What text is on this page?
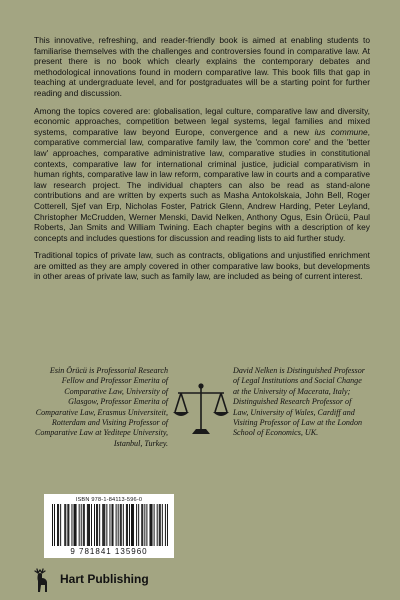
This innovative, refreshing, and reader-friendly book is aimed at enabling students to familiarise themselves with the challenges and controversies found in comparative law. At present there is no book which clearly explains the contemporary debates and methodological innovations found in modern comparative law. This book fills that gap in teaching at undergraduate level, and for postgraduates will be a starting point for further reading and discussion.

Among the topics covered are: globalisation, legal culture, comparative law and diversity, economic approaches, competition between legal systems, legal families and mixed systems, comparative law beyond Europe, convergence and a new ius commune, comparative commercial law, comparative family law, the 'common core' and the 'better law' approaches, comparative administrative law, comparative studies in constitutional contexts, comparative law for international criminal justice, judicial comparativism in human rights, comparative law in law reform, comparative law in courts and a comparative law research project. The individual chapters can also be read as stand-alone contributions and are written by experts such as Masha Antokolskaia, John Bell, Roger Cotterell, Sjef van Erp, Nicholas Foster, Patrick Glenn, Andrew Harding, Peter Leyland, Christopher McCrudden, Werner Menski, David Nelken, Anthony Ogus, Esin Örücü, Paul Roberts, Jan Smits and William Twining. Each chapter begins with a description of key concepts and includes questions for discussion and reading lists to aid further study.

Traditional topics of private law, such as contracts, obligations and unjustified enrichment are omitted as they are amply covered in other comparative law books, but developments in other areas of private law, such as family law, are included as being of current interest.

Esin Örücü is Professorial Research Fellow and Professor Emerita of Comparative Law, University of Glasgow, Professor Emerita of Comparative Law, Erasmus Universiteit, Rotterdam and Visiting Professor of Comparative Law at Yeditepe University, Istanbul, Turkey.
David Nelken is Distinguished Professor of Legal Institutions and Social Change at the University of Macerata, Italy; Distinguished Research Professor of Law, University of Wales, Cardiff and Visiting Professor of Law at the London School of Economics, UK.
ISBN 978-1-84113-596-0
9 781841 135960
Hart Publishing
